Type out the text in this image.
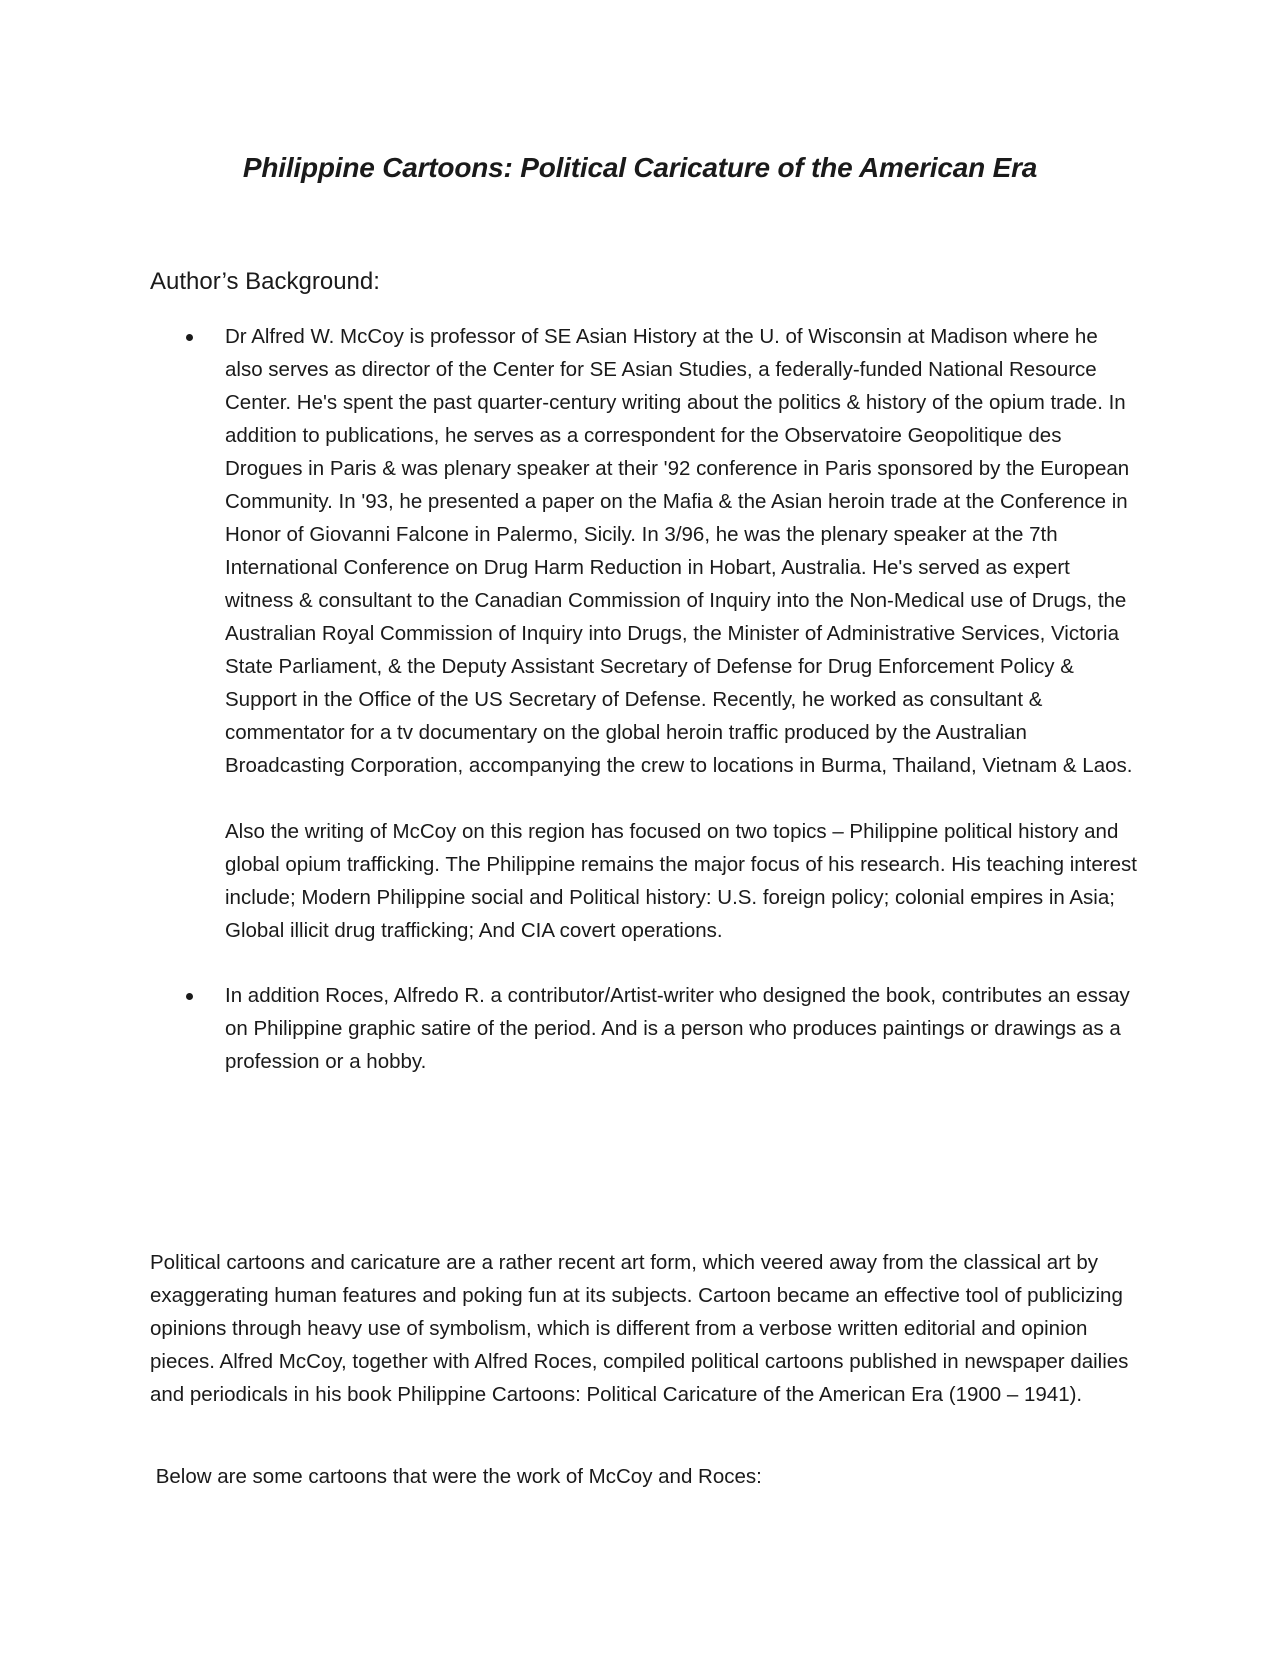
Philippine Cartoons: Political Caricature of the American Era
Author’s Background:

Dr Alfred W. McCoy is professor of SE Asian History at the U. of Wisconsin at Madison where he also serves as director of the Center for SE Asian Studies, a federally-funded National Resource Center. He's spent the past quarter-century writing about the politics & history of the opium trade. In addition to publications, he serves as a correspondent for the Observatoire Geopolitique des Drogues in Paris & was plenary speaker at their '92 conference in Paris sponsored by the European Community. In '93, he presented a paper on the Mafia & the Asian heroin trade at the Conference in Honor of Giovanni Falcone in Palermo, Sicily. In 3/96, he was the plenary speaker at the 7th International Conference on Drug Harm Reduction in Hobart, Australia. He's served as expert witness & consultant to the Canadian Commission of Inquiry into the Non-Medical use of Drugs, the Australian Royal Commission of Inquiry into Drugs, the Minister of Administrative Services, Victoria State Parliament, & the Deputy Assistant Secretary of Defense for Drug Enforcement Policy & Support in the Office of the US Secretary of Defense. Recently, he worked as consultant & commentator for a tv documentary on the global heroin traffic produced by the Australian Broadcasting Corporation, accompanying the crew to locations in Burma, Thailand, Vietnam & Laos.

Also the writing of McCoy on this region has focused on two topics – Philippine political history and global opium trafficking. The Philippine remains the major focus of his research. His teaching interest include; Modern Philippine social and Political history: U.S. foreign policy; colonial empires in Asia; Global illicit drug trafficking; And CIA covert operations.

In addition Roces, Alfredo R. a contributor/Artist-writer who designed the book, contributes an essay on Philippine graphic satire of the period. And is a person who produces paintings or drawings as a profession or a hobby.

Political cartoons and caricature are a rather recent art form, which veered away from the classical art by exaggerating human features and poking fun at its subjects. Cartoon became an effective tool of publicizing opinions through heavy use of symbolism, which is different from a verbose written editorial and opinion pieces. Alfred McCoy, together with Alfred Roces, compiled political cartoons published in newspaper dailies and periodicals in his book Philippine Cartoons: Political Caricature of the American Era (1900 – 1941).

Below are some cartoons that were the work of McCoy and Roces:
